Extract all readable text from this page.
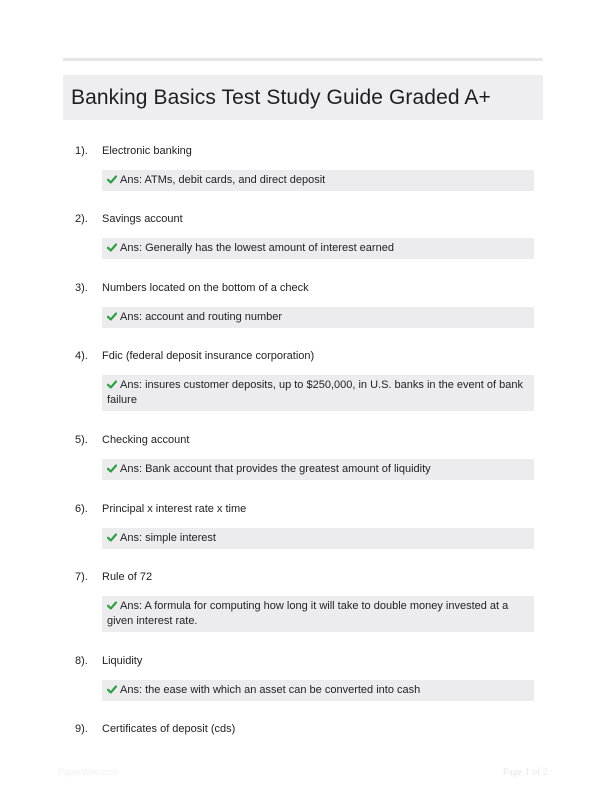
Banking Basics Test Study Guide Graded A+
1). Electronic banking
Ans: ATMs, debit cards, and direct deposit
2). Savings account
Ans: Generally has the lowest amount of interest earned
3). Numbers located on the bottom of a check
Ans: account and routing number
4). Fdic (federal deposit insurance corporation)
Ans: insures customer deposits, up to $250,000, in U.S. banks in the event of bank failure
5). Checking account
Ans: Bank account that provides the greatest amount of liquidity
6). Principal x interest rate x time
Ans: simple interest
7). Rule of 72
Ans: A formula for computing how long it will take to double money invested at a given interest rate.
8). Liquidity
Ans: the ease with which an asset can be converted into cash
9). Certificates of deposit (cds)
PaperWiki.com	Page 1 of 2
